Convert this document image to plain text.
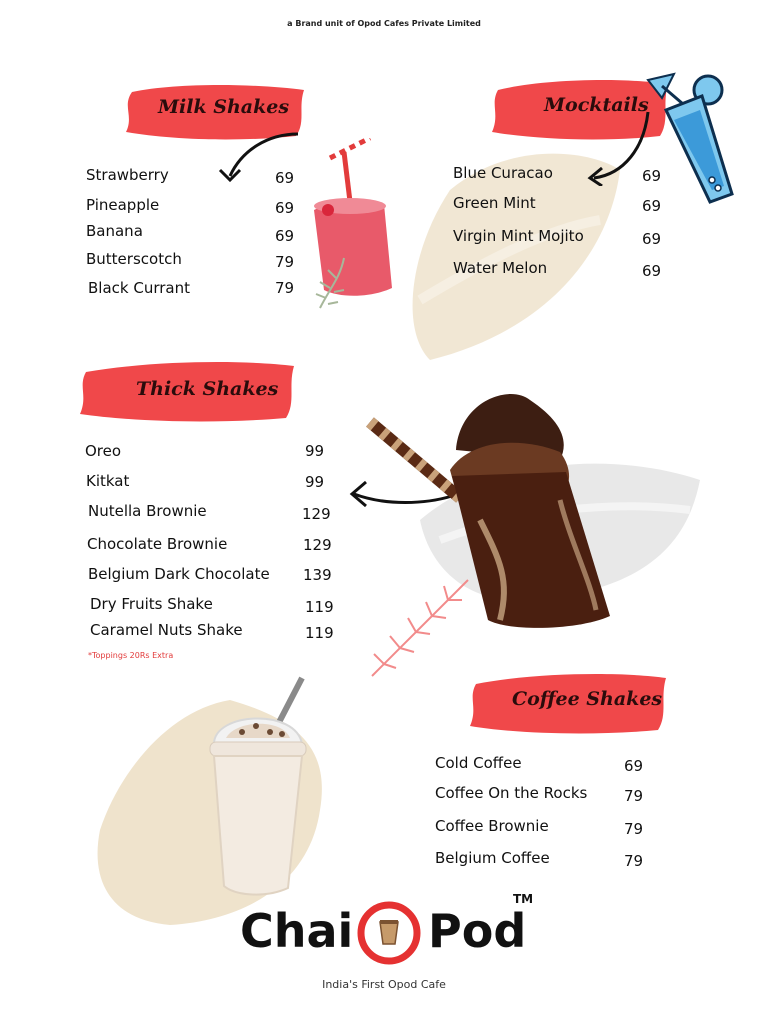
a Brand unit of Opod Cafes Private Limited
Milk Shakes
Strawberry	69
Pineapple	69
Banana	69
Butterscotch	79
Black Currant	79
Mocktails
Blue Curacao	69
Green Mint	69
Virgin Mint Mojito	69
Water Melon	69
Thick Shakes
Oreo	99
Kitkat	99
Nutella Brownie	129
Chocolate Brownie	129
Belgium Dark Chocolate 139
Dry Fruits Shake	119
Caramel Nuts Shake	119
*Toppings 20Rs Extra
Coffee Shakes
Cold Coffee	69
Coffee On the Rocks 79
Coffee Brownie	79
Belgium Coffee	79
Chai Pod
TM
India's First Opod Cafe
